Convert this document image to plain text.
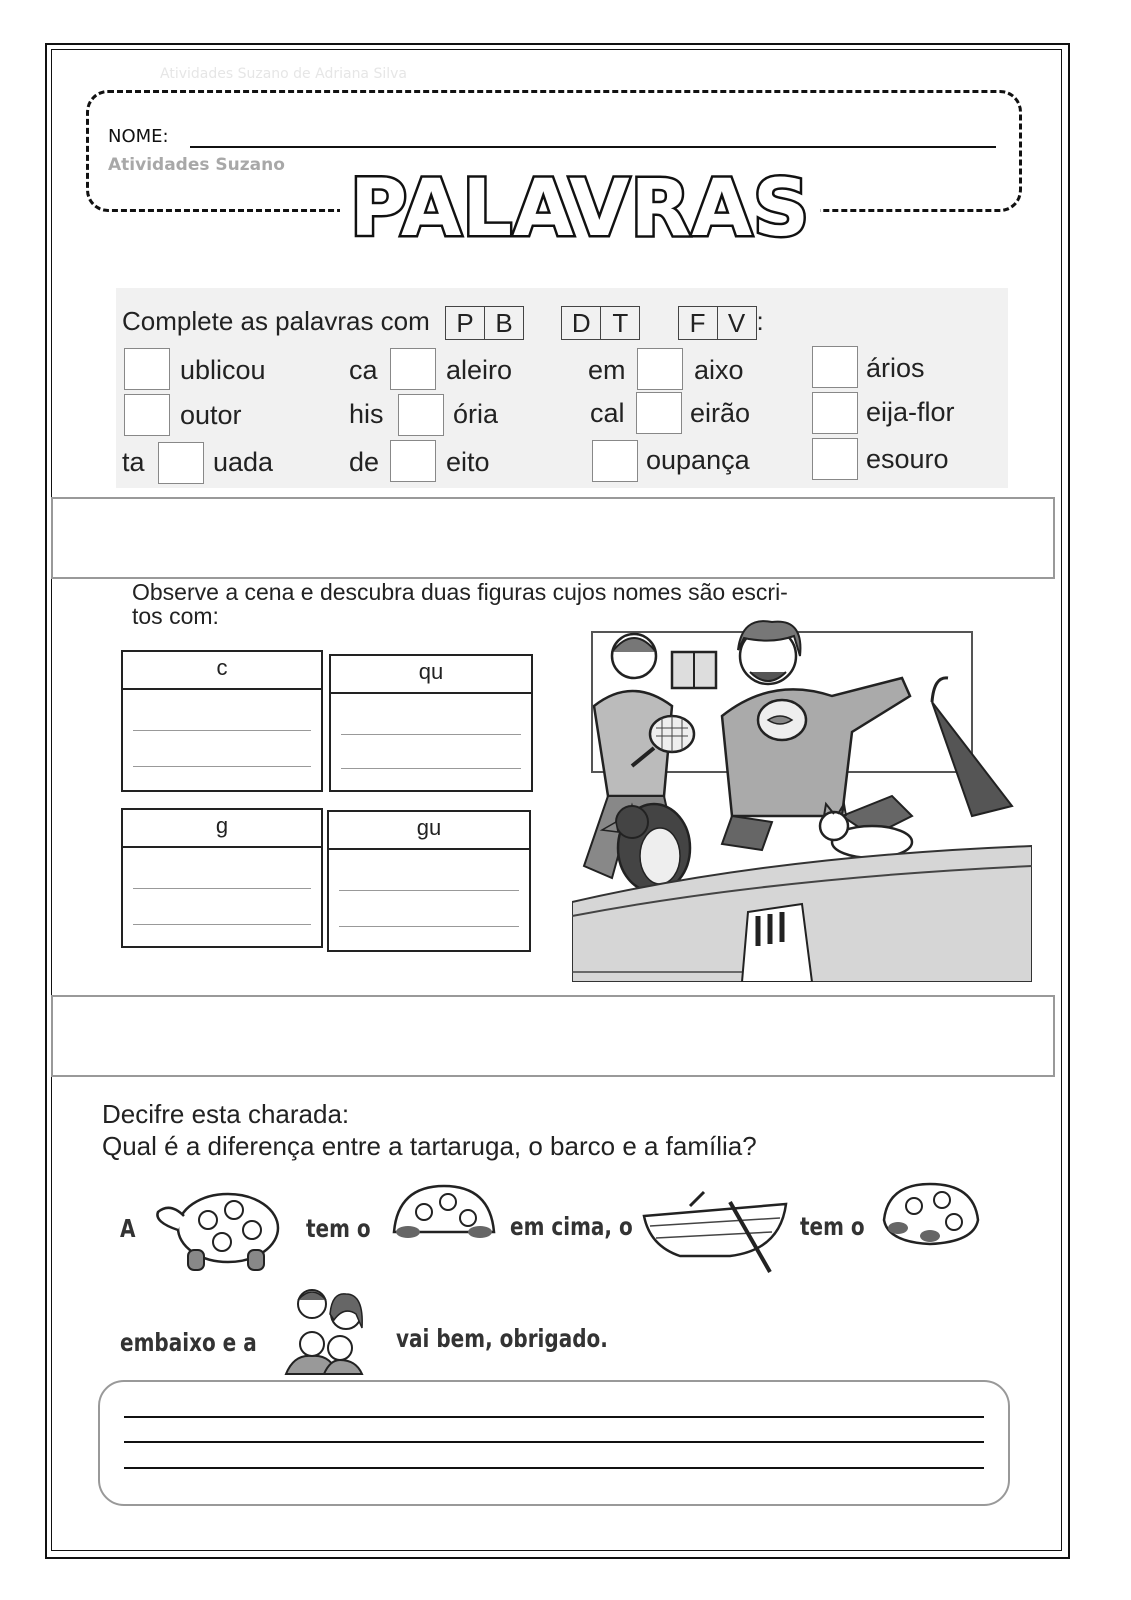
Atividades Suzano de Adriana Silva
NOME:
Atividades Suzano PALAVRAS
Complete as palavras com P B D T F V :
ublicou	ca	aleiro	em	aixo	ários
outor	his	ória	cal eirão	eija-flor
ta	uada	de eito	oupança	esouro
Observe a cena e descubra duas figuras cujos nomes são escri-
tos com:
c	qu
g	gu
Decifre esta charada:
Qual é a diferença entre a tartaruga, o barco e a família?
A	tem o	em cima, o	tem o
embaixo e a	vai bem, obrigado.
